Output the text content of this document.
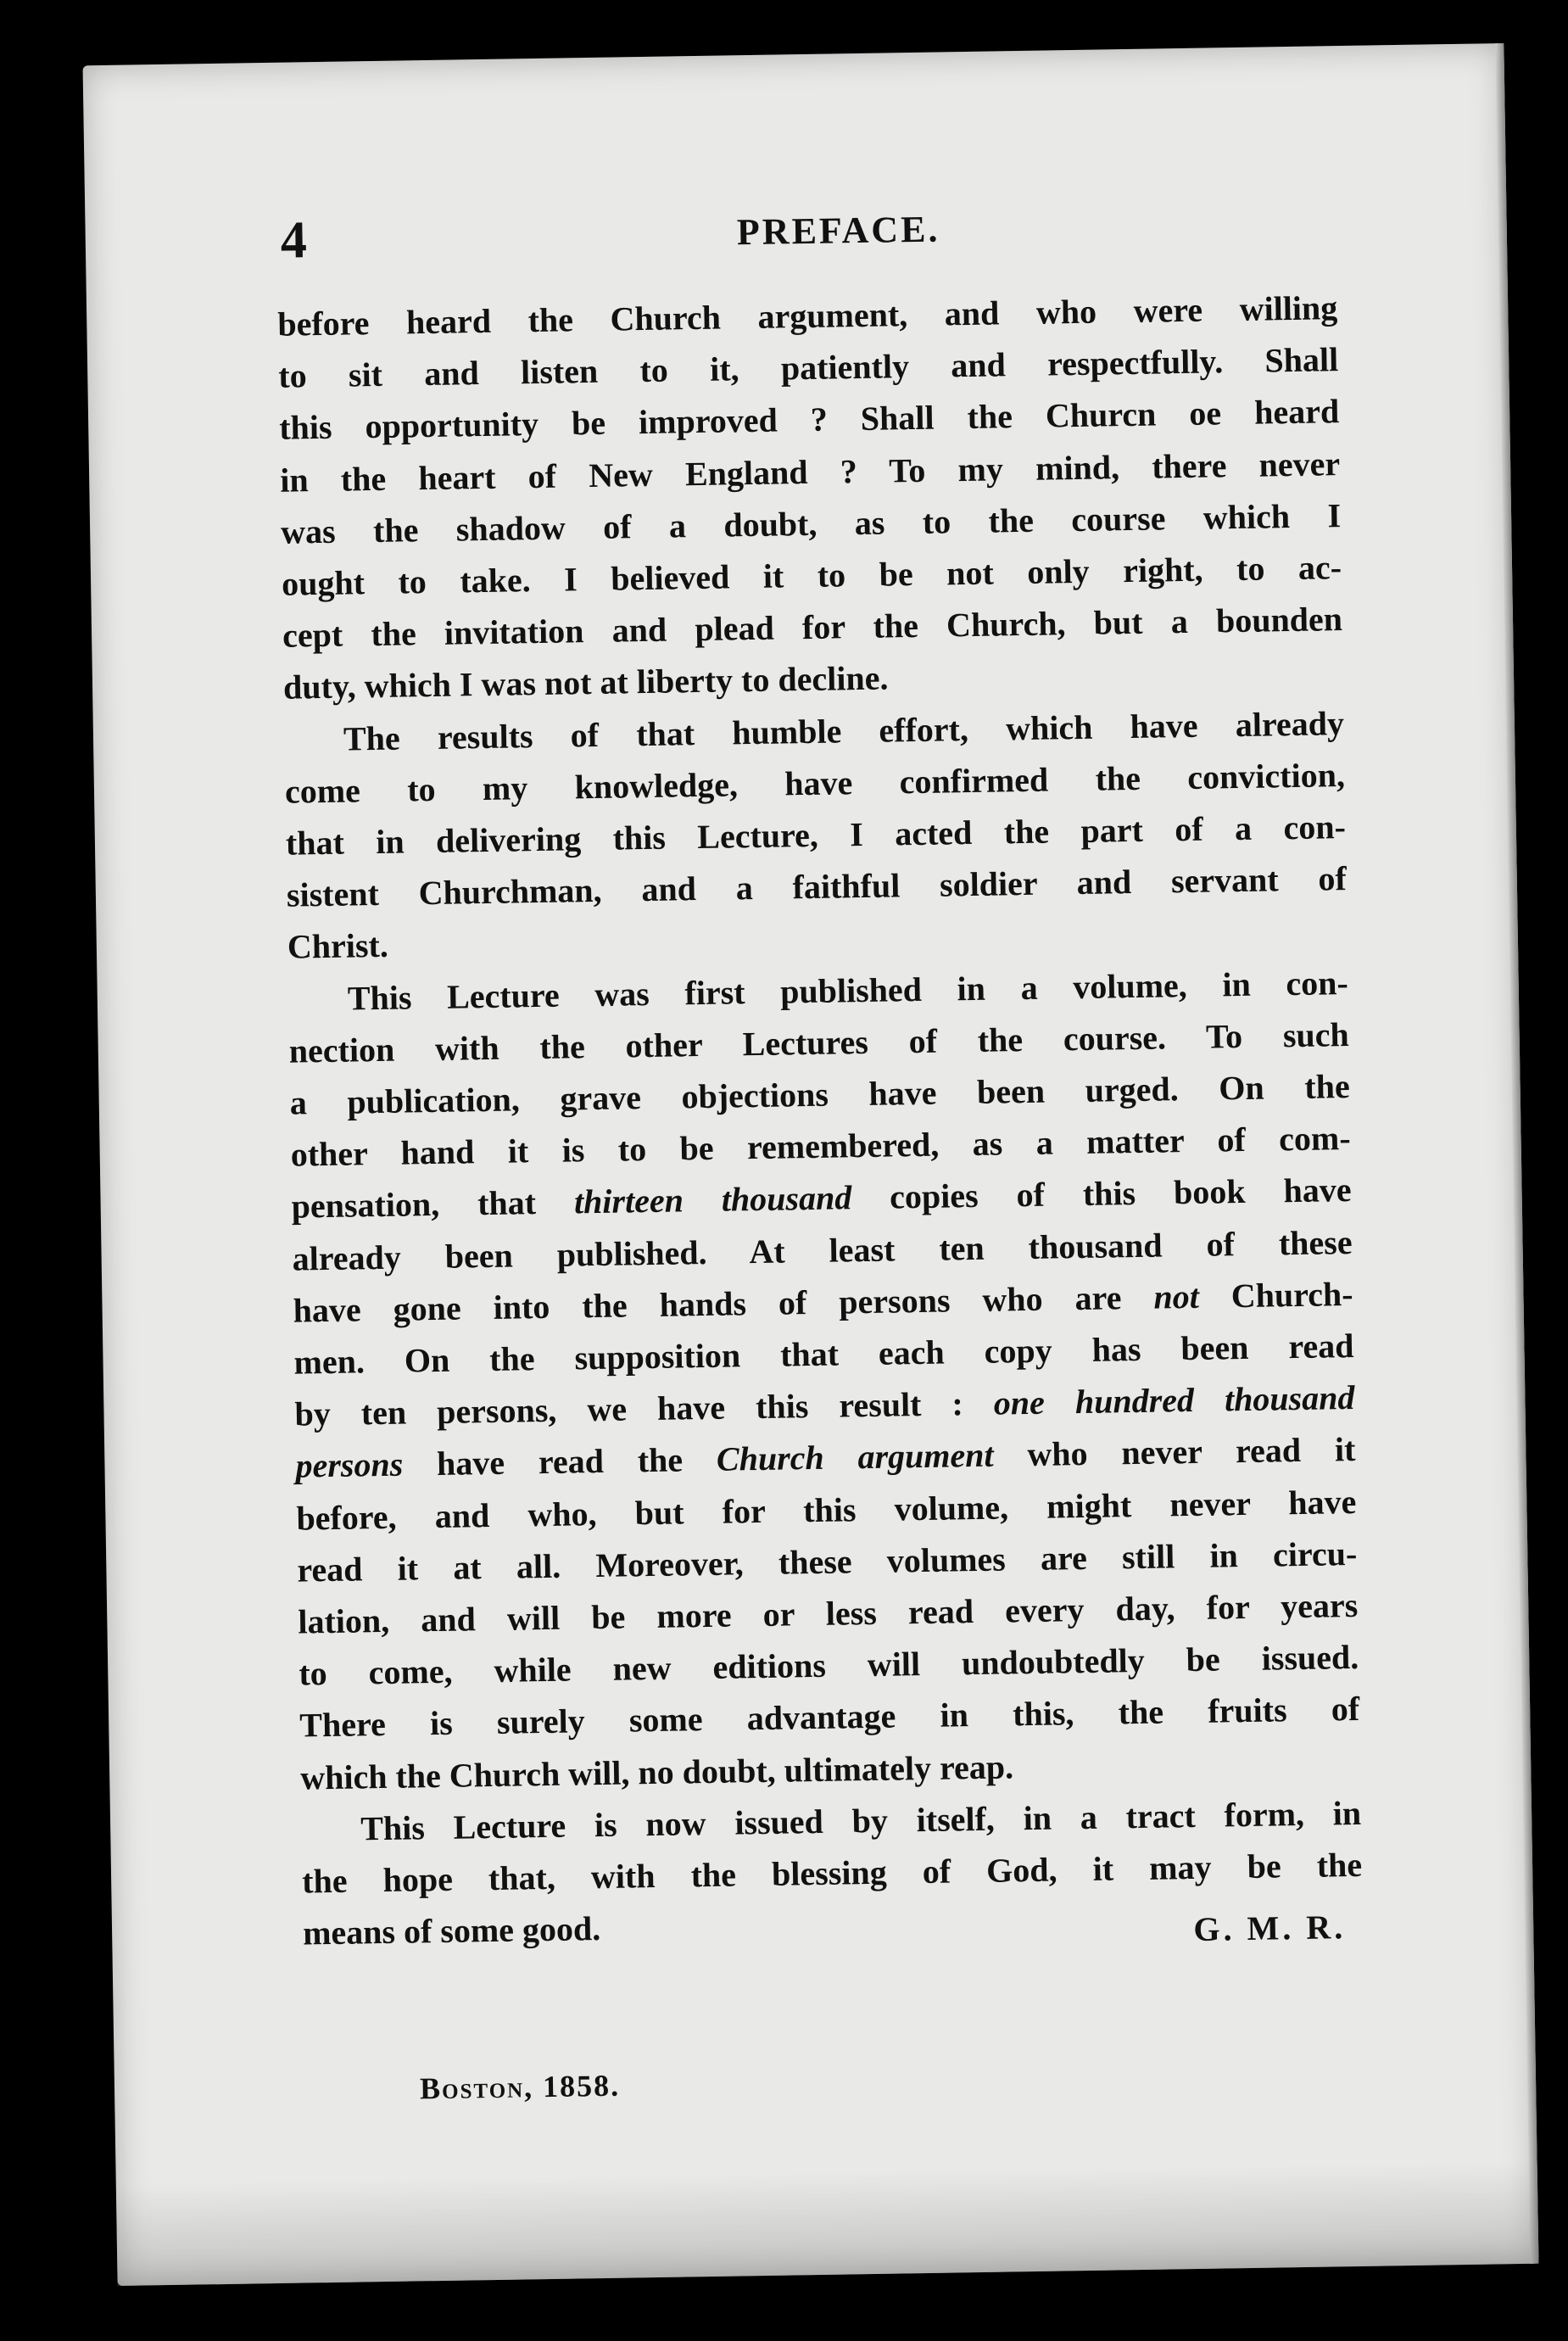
4	PREFACE.
before heard the Church argument, and who were willing
to sit and listen to it, patiently and respectfully. Shall
this opportunity be improved ? Shall the Churcn oe heard
in the heart of New England ? To my mind, there never
was the shadow of a doubt, as to the course which I
ought to take. I believed it to be not only right, to ac-
cept the invitation and plead for the Church, but a bounden
duty, which I was not at liberty to decline.
The results of that humble effort, which have already
come to my knowledge, have confirmed the conviction,
that in delivering this Lecture, I acted the part of a con-
sistent Churchman, and a faithful soldier and servant of
Christ.
This Lecture was first published in a volume, in con-
nection with the other Lectures of the course. To such
a publication, grave objections have been urged. On the
other hand it is to be remembered, as a matter of com-
pensation, that thirteen thousand copies of this book have
already been published. At least ten thousand of these
have gone into the hands of persons who are not Church-
men. On the supposition that each copy has been read
by ten persons, we have this result : one hundred thousand
persons have read the Church argument who never read it
before, and who, but for this volume, might never have
read it at all. Moreover, these volumes are still in circu-
lation, and will be more or less read every day, for years
to come, while new editions will undoubtedly be issued.
There is surely some advantage in this, the fruits of
which the Church will, no doubt, ultimately reap.
This Lecture is now issued by itself, in a tract form, in
the hope that, with the blessing of God, it may be the
means of some good.	G. M. R.
Boston, 1858.
